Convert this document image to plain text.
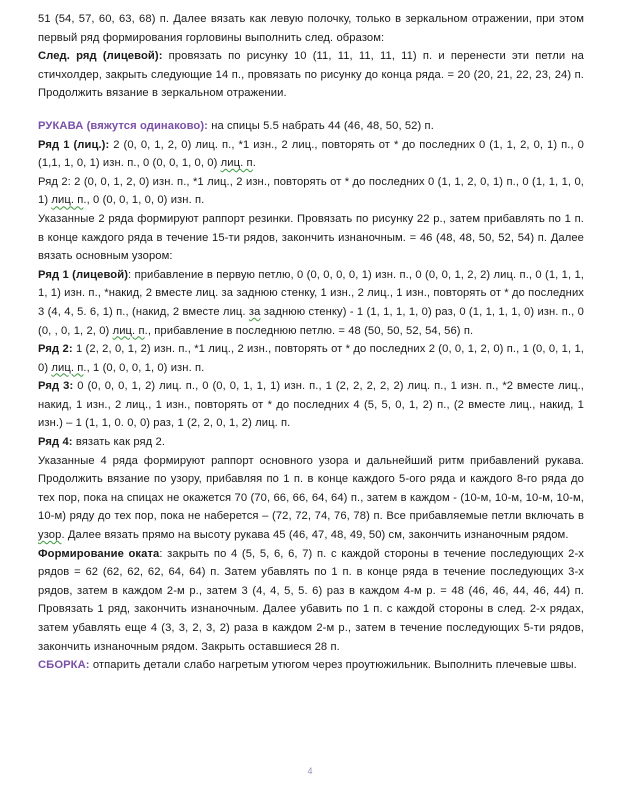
51 (54, 57, 60, 63, 68) п. Далее вязать как левую полочку, только в зеркальном отражении, при этом первый ряд формирования горловины выполнить след. образом:

След. ряд (лицевой): провязать по рисунку 10 (11, 11, 11, 11, 11) п. и перенести эти петли на стичхолдер, закрыть следующие 14 п., провязать по рисунку до конца ряда. = 20 (20, 21, 22, 23, 24) п. Продолжить вязание в зеркальном отражении.

РУКАВА (вяжутся одинаково): на спицы 5.5 набрать 44 (46, 48, 50, 52) п.

Ряд 1 (лиц.): 2 (0, 0, 1, 2, 0) лиц. п., *1 изн., 2 лиц., повторять от * до последних 0 (1, 1, 2, 0, 1) п., 0 (1,1, 1, 0, 1) изн. п., 0 (0, 0, 1, 0, 0) лиц. п.

Ряд 2: 2 (0, 0, 1, 2, 0) изн. п., *1 лиц., 2 изн., повторять от * до последних 0 (1, 1, 2, 0, 1) п., 0 (1, 1, 1, 0, 1) лиц. п., 0 (0, 0, 1, 0, 0) изн. п.

Указанные 2 ряда формируют раппорт резинки. Провязать по рисунку 22 р., затем прибавлять по 1 п. в конце каждого ряда в течение 15-ти рядов, закончить изнаночным. = 46 (48, 48, 50, 52, 54) п. Далее вязать основным узором:

Ряд 1 (лицевой): прибавление в первую петлю, 0 (0, 0, 0, 0, 1) изн. п., 0 (0, 0, 1, 2, 2) лиц. п., 0 (1, 1, 1, 1, 1) изн. п., *накид, 2 вместе лиц. за заднюю стенку, 1 изн., 2 лиц., 1 изн., повторять от * до последних 3 (4, 4, 5. 6, 1) п., (накид, 2 вместе лиц. за заднюю стенку) - 1 (1, 1, 1, 1, 0) раз, 0 (1, 1, 1, 1, 0) изн. п., 0 (0, , 0, 1, 2, 0) лиц. п., прибавление в последнюю петлю. = 48 (50, 50, 52, 54, 56) п.

Ряд 2: 1 (2, 2, 0, 1, 2) изн. п., *1 лиц., 2 изн., повторять от * до последних 2 (0, 0, 1, 2, 0) п., 1 (0, 0, 1, 1, 0) лиц. п., 1 (0, 0, 0, 1, 0) изн. п.

Ряд 3: 0 (0, 0, 0, 1, 2) лиц. п., 0 (0, 0, 1, 1, 1) изн. п., 1 (2, 2, 2, 2, 2) лиц. п., 1 изн. п., *2 вместе лиц., накид, 1 изн., 2 лиц., 1 изн., повторять от * до последних 4 (5, 5, 0, 1, 2) п., (2 вместе лиц., накид, 1 изн.) – 1 (1, 1, 0. 0, 0) раз, 1 (2, 2, 0, 1, 2) лиц. п.

Ряд 4: вязать как ряд 2.

Указанные 4 ряда формируют раппорт основного узора и дальнейший ритм прибавлений рукава. Продолжить вязание по узору, прибавляя по 1 п. в конце каждого 5-ого ряда и каждого 8-го ряда до тех пор, пока на спицах не окажется 70 (70, 66, 66, 64, 64) п., затем в каждом - (10-м, 10-м, 10-м, 10-м, 10-м) ряду до тех пор, пока не наберется – (72, 72, 74, 76, 78) п. Все прибавляемые петли включать в узор. Далее вязать прямо на высоту рукава 45 (46, 47, 48, 49, 50) см, закончить изнаночным рядом.

Формирование оката: закрыть по 4 (5, 5, 6, 6, 7) п. с каждой стороны в течение последующих 2-х рядов = 62 (62, 62, 62, 64, 64) п. Затем убавлять по 1 п. в конце ряда в течение последующих 3-х рядов, затем в каждом 2-м р., затем 3 (4, 4, 5, 5. 6) раз в каждом 4-м р. = 48 (46, 46, 44, 46, 44) п. Провязать 1 ряд, закончить изнаночным. Далее убавить по 1 п. с каждой стороны в след. 2-х рядах, затем убавлять еще 4 (3, 3, 2, 3, 2) раза в каждом 2-м р., затем в течение последующих 5-ти рядов, закончить изнаночным рядом. Закрыть оставшиеся 28 п.

СБОРКА: отпарить детали слабо нагретым утюгом через проутюжильник. Выполнить плечевые швы.

4
